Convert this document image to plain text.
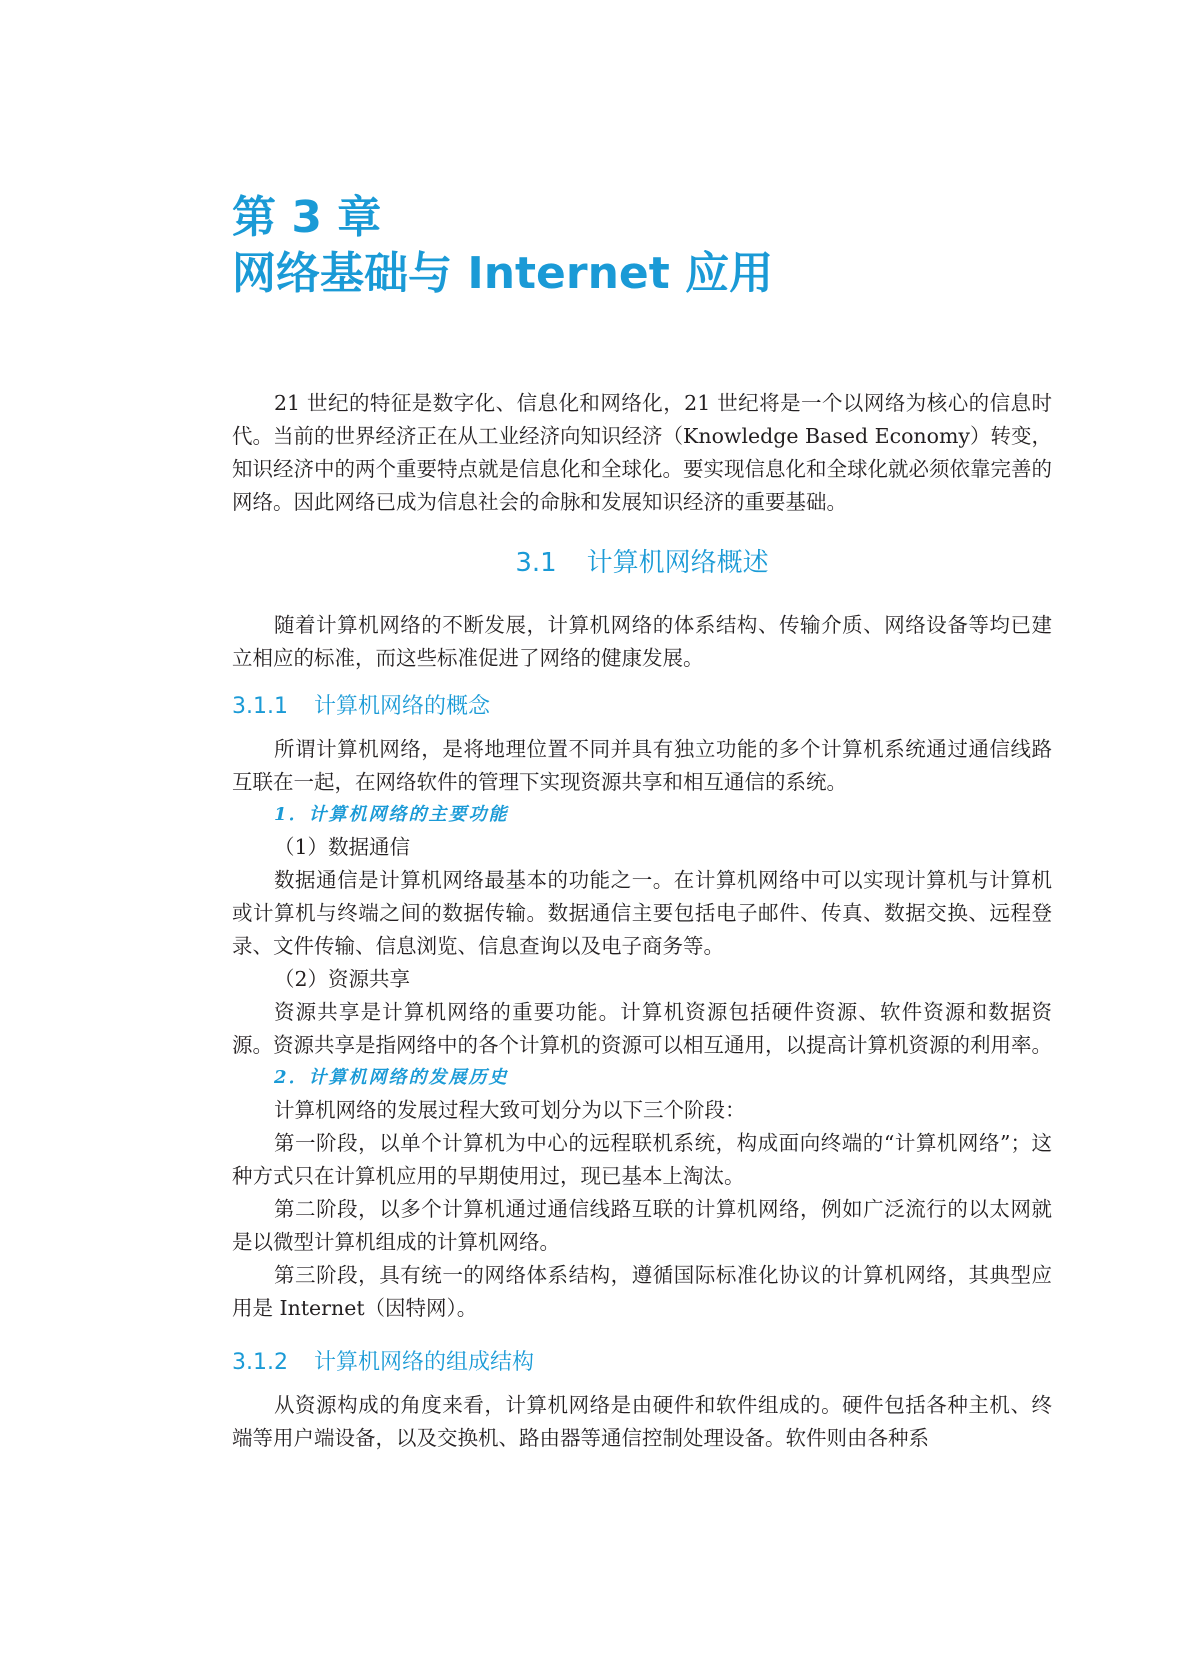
第 3 章
网络基础与 Internet 应用

21 世纪的特征是数字化、信息化和网络化，21 世纪将是一个以网络为核心的信息时代。当前的世界经济正在从工业经济向知识经济（Knowledge Based Economy）转变，知识经济中的两个重要特点就是信息化和全球化。要实现信息化和全球化就必须依靠完善的网络。因此网络已成为信息社会的命脉和发展知识经济的重要基础。

3.1 计算机网络概述

随着计算机网络的不断发展，计算机网络的体系结构、传输介质、网络设备等均已建立相应的标准，而这些标准促进了网络的健康发展。

3.1.1 计算机网络的概念

所谓计算机网络，是将地理位置不同并具有独立功能的多个计算机系统通过通信线路互联在一起，在网络软件的管理下实现资源共享和相互通信的系统。

1．计算机网络的主要功能

（1）数据通信

数据通信是计算机网络最基本的功能之一。在计算机网络中可以实现计算机与计算机或计算机与终端之间的数据传输。数据通信主要包括电子邮件、传真、数据交换、远程登录、文件传输、信息浏览、信息查询以及电子商务等。

（2）资源共享

资源共享是计算机网络的重要功能。计算机资源包括硬件资源、软件资源和数据资源。资源共享是指网络中的各个计算机的资源可以相互通用，以提高计算机资源的利用率。

2．计算机网络的发展历史

计算机网络的发展过程大致可划分为以下三个阶段：

第一阶段，以单个计算机为中心的远程联机系统，构成面向终端的“计算机网络”；这种方式只在计算机应用的早期使用过，现已基本上淘汰。

第二阶段，以多个计算机通过通信线路互联的计算机网络，例如广泛流行的以太网就是以微型计算机组成的计算机网络。

第三阶段，具有统一的网络体系结构，遵循国际标准化协议的计算机网络，其典型应用是 Internet（因特网）。

3.1.2 计算机网络的组成结构

从资源构成的角度来看，计算机网络是由硬件和软件组成的。硬件包括各种主机、终端等用户端设备，以及交换机、路由器等通信控制处理设备。软件则由各种系
